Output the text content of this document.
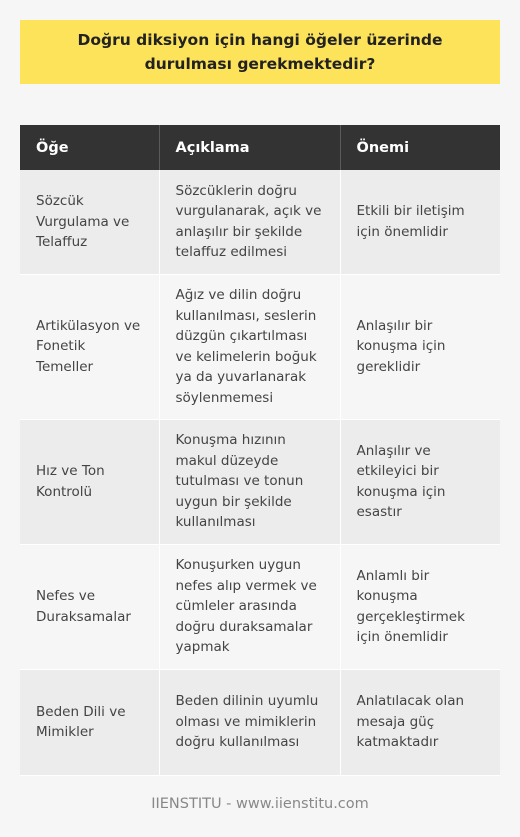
Doğru diksiyon için hangi öğeler üzerinde durulması gerekmektedir?
Öğe	Açıklama	Önemi
Sözcük Vurgulama ve Telaffuz	Sözcüklerin doğru vurgulanarak, açık ve anlaşılır bir şekilde telaffuz edilmesi	Etkili bir iletişim için önemlidir
Artikülasyon ve Fonetik Temeller	Ağız ve dilin doğru kullanılması, seslerin düzgün çıkartılması ve kelimelerin boğuk ya da yuvarlanarak söylenmemesi	Anlaşılır bir konuşma için gereklidir
Hız ve Ton Kontrolü	Konuşma hızının makul düzeyde tutulması ve tonun uygun bir şekilde kullanılması	Anlaşılır ve etkileyici bir konuşma için esastır
Nefes ve Duraksamalar	Konuşurken uygun nefes alıp vermek ve cümleler arasında doğru duraksamalar yapmak	Anlamlı bir konuşma gerçekleştirmek için önemlidir
Beden Dili ve Mimikler	Beden dilinin uyumlu olması ve mimiklerin doğru kullanılması	Anlatılacak olan mesaja güç katmaktadır
IIENSTITU - www.iienstitu.com
